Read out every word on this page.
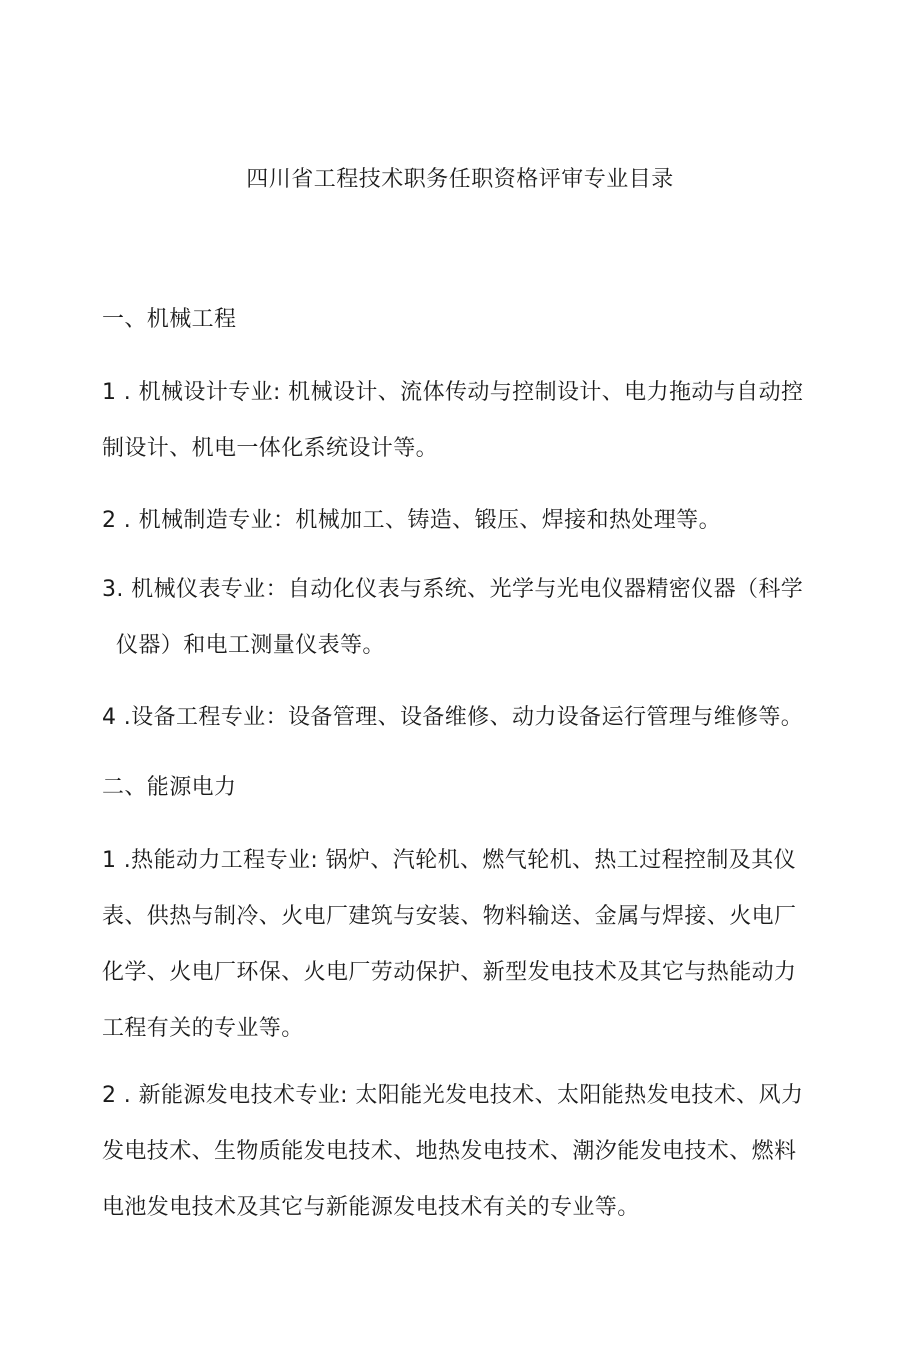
四川省工程技术职务任职资格评审专业目录
一、机械工程
1 . 机械设计专业: 机械设计、流体传动与控制设计、电力拖动与自动控
制设计、机电一体化系统设计等。
2 . 机械制造专业：机械加工、铸造、锻压、焊接和热处理等。
3. 机械仪表专业：自动化仪表与系统、光学与光电仪器精密仪器（科学
仪器）和电工测量仪表等。
4 .设备工程专业：设备管理、设备维修、动力设备运行管理与维修等。
二、能源电力
1 .热能动力工程专业: 锅炉、汽轮机、燃气轮机、热工过程控制及其仪
表、供热与制冷、火电厂建筑与安装、物料输送、金属与焊接、火电厂
化学、火电厂环保、火电厂劳动保护、新型发电技术及其它与热能动力
工程有关的专业等。
2 . 新能源发电技术专业: 太阳能光发电技术、太阳能热发电技术、风力
发电技术、生物质能发电技术、地热发电技术、潮汐能发电技术、燃料
电池发电技术及其它与新能源发电技术有关的专业等。
